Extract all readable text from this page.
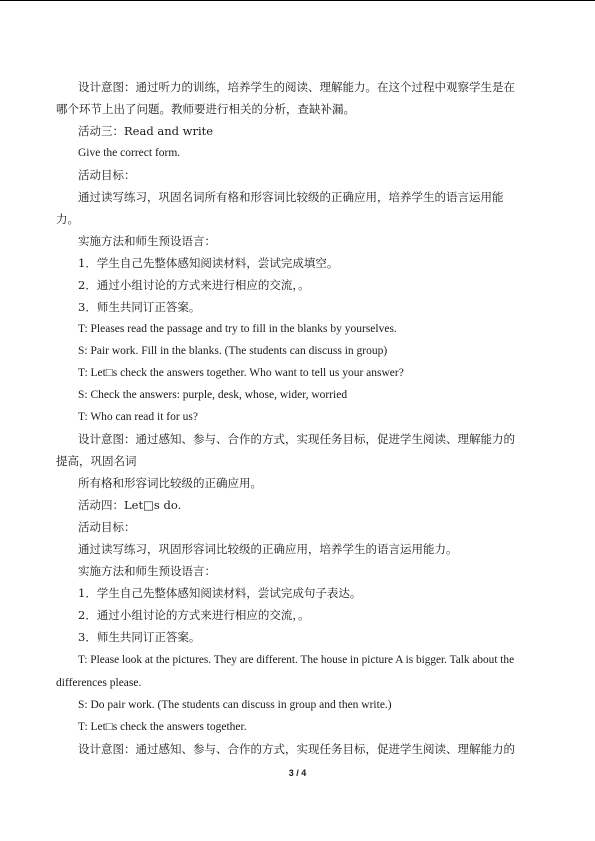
设计意图：通过听力的训练，培养学生的阅读、理解能力。在这个过程中观察学生是在
哪个环节上出了问题。教师要进行相关的分析，查缺补漏。
活动三：Read and write
Give the correct form.
活动目标：
通过读写练习，巩固名词所有格和形容词比较级的正确应用，培养学生的语言运用能
力。
实施方法和师生预设语言：
1．学生自己先整体感知阅读材料，尝试完成填空。
2．通过小组讨论的方式来进行相应的交流，。
3．师生共同订正答案。
T: Pleases read the passage and try to fill in the blanks by yourselves.
S: Pair work. Fill in the blanks. (The students can discuss in group)
T: Let□s check the answers together. Who want to tell us your answer?
S: Check the answers: purple, desk, whose, wider, worried
T: Who can read it for us?
设计意图：通过感知、参与、合作的方式，实现任务目标，促进学生阅读、理解能力的
提高，巩固名词
所有格和形容词比较级的正确应用。
活动四：Let□s do.
活动目标：
通过读写练习，巩固形容词比较级的正确应用，培养学生的语言运用能力。
实施方法和师生预设语言：
1．学生自己先整体感知阅读材料，尝试完成句子表达。
2．通过小组讨论的方式来进行相应的交流，。
3．师生共同订正答案。
T: Please look at the pictures. They are different. The house in picture A is bigger. Talk about the
differences please.
S: Do pair work. (The students can discuss in group and then write.)
T: Let□s check the answers together.
设计意图：通过感知、参与、合作的方式，实现任务目标，促进学生阅读、理解能力的
3 / 4
